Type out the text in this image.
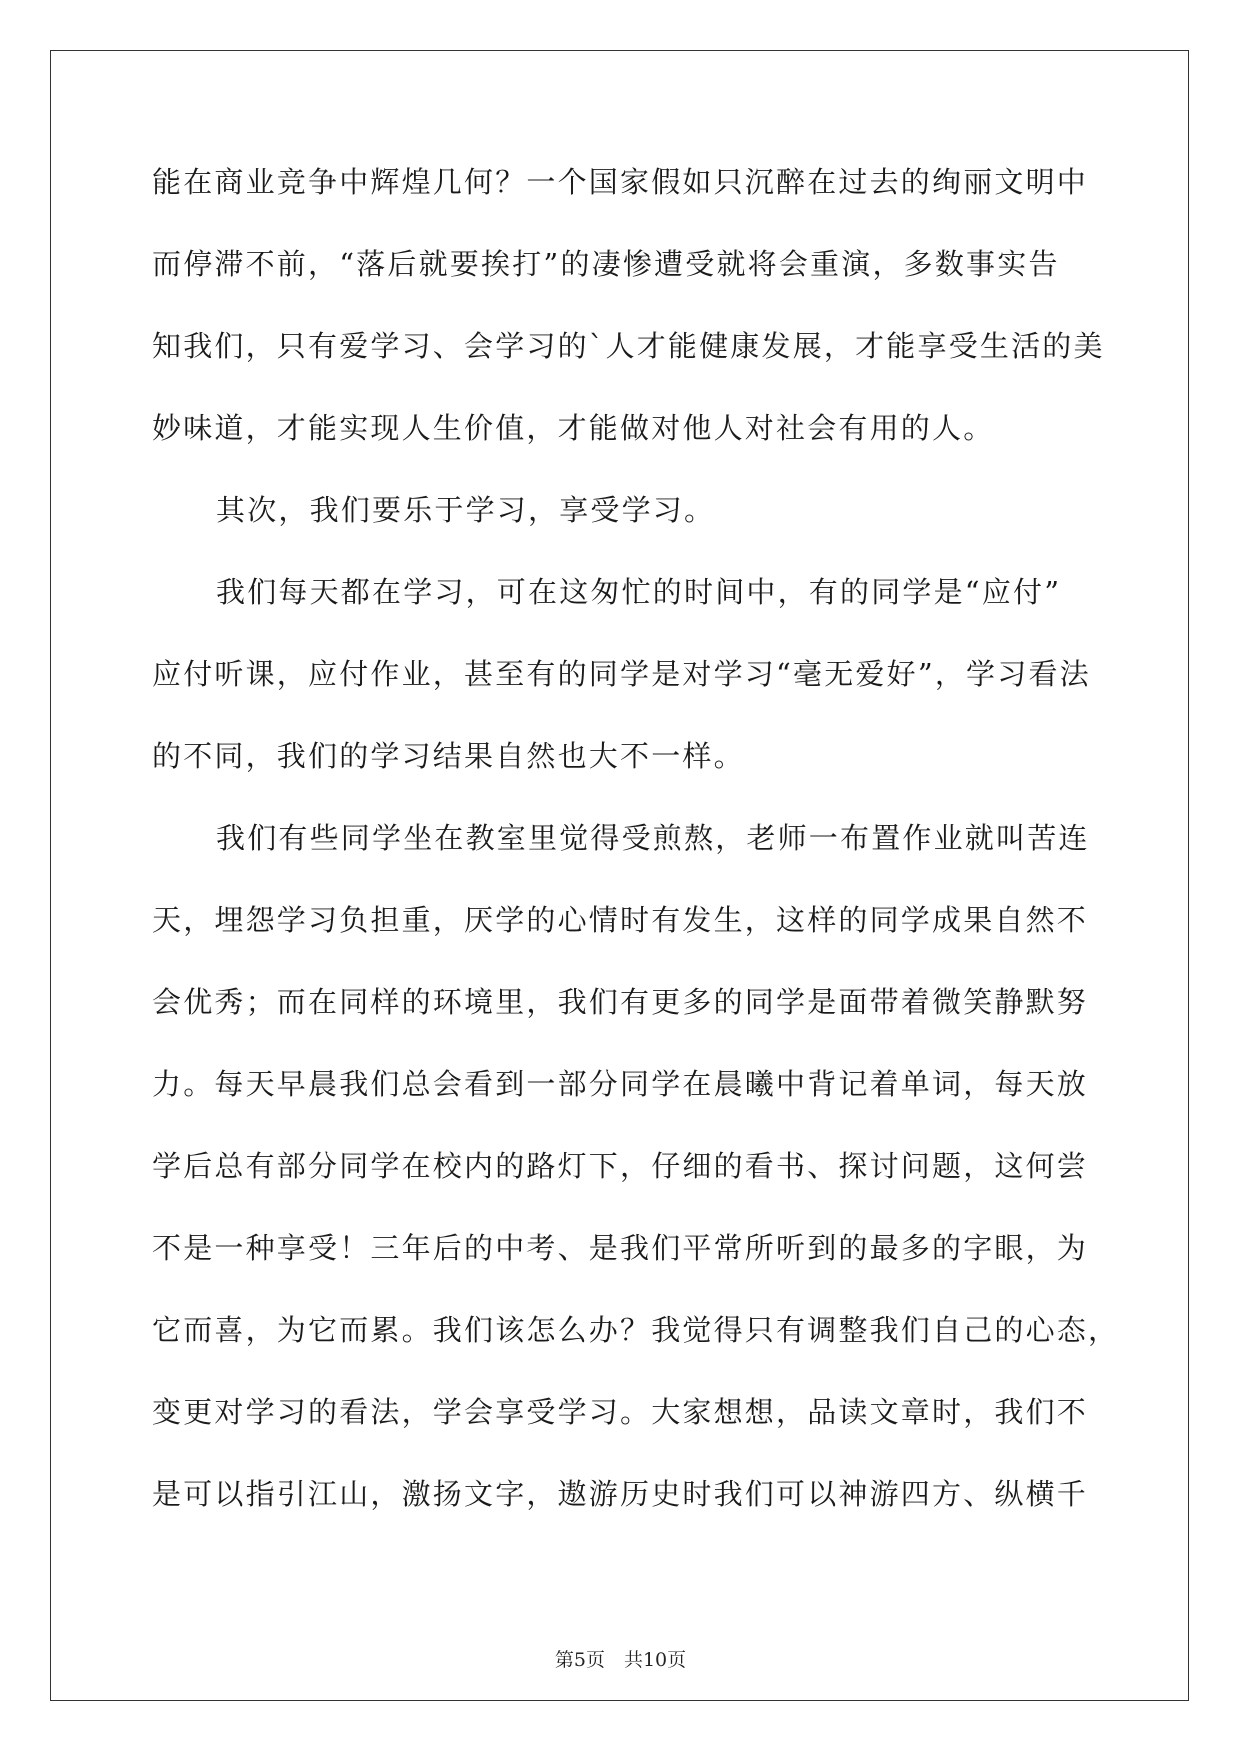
能在商业竞争中辉煌几何？一个国家假如只沉醉在过去的绚丽文明中
而停滞不前，“落后就要挨打”的凄惨遭受就将会重演，多数事实告
知我们，只有爱学习、会学习的`人才能健康发展，才能享受生活的美
妙味道，才能实现人生价值，才能做对他人对社会有用的人。
其次，我们要乐于学习，享受学习。
我们每天都在学习，可在这匆忙的时间中，有的同学是“应付”
应付听课，应付作业，甚至有的同学是对学习“毫无爱好”，学习看法
的不同，我们的学习结果自然也大不一样。
我们有些同学坐在教室里觉得受煎熬，老师一布置作业就叫苦连
天，埋怨学习负担重，厌学的心情时有发生，这样的同学成果自然不
会优秀；而在同样的环境里，我们有更多的同学是面带着微笑静默努
力。每天早晨我们总会看到一部分同学在晨曦中背记着单词，每天放
学后总有部分同学在校内的路灯下，仔细的看书、探讨问题，这何尝
不是一种享受！三年后的中考、是我们平常所听到的最多的字眼，为
它而喜，为它而累。我们该怎么办？我觉得只有调整我们自己的心态，
变更对学习的看法，学会享受学习。大家想想，品读文章时，我们不
是可以指引江山，激扬文字，遨游历史时我们可以神游四方、纵横千
第5页　共10页
